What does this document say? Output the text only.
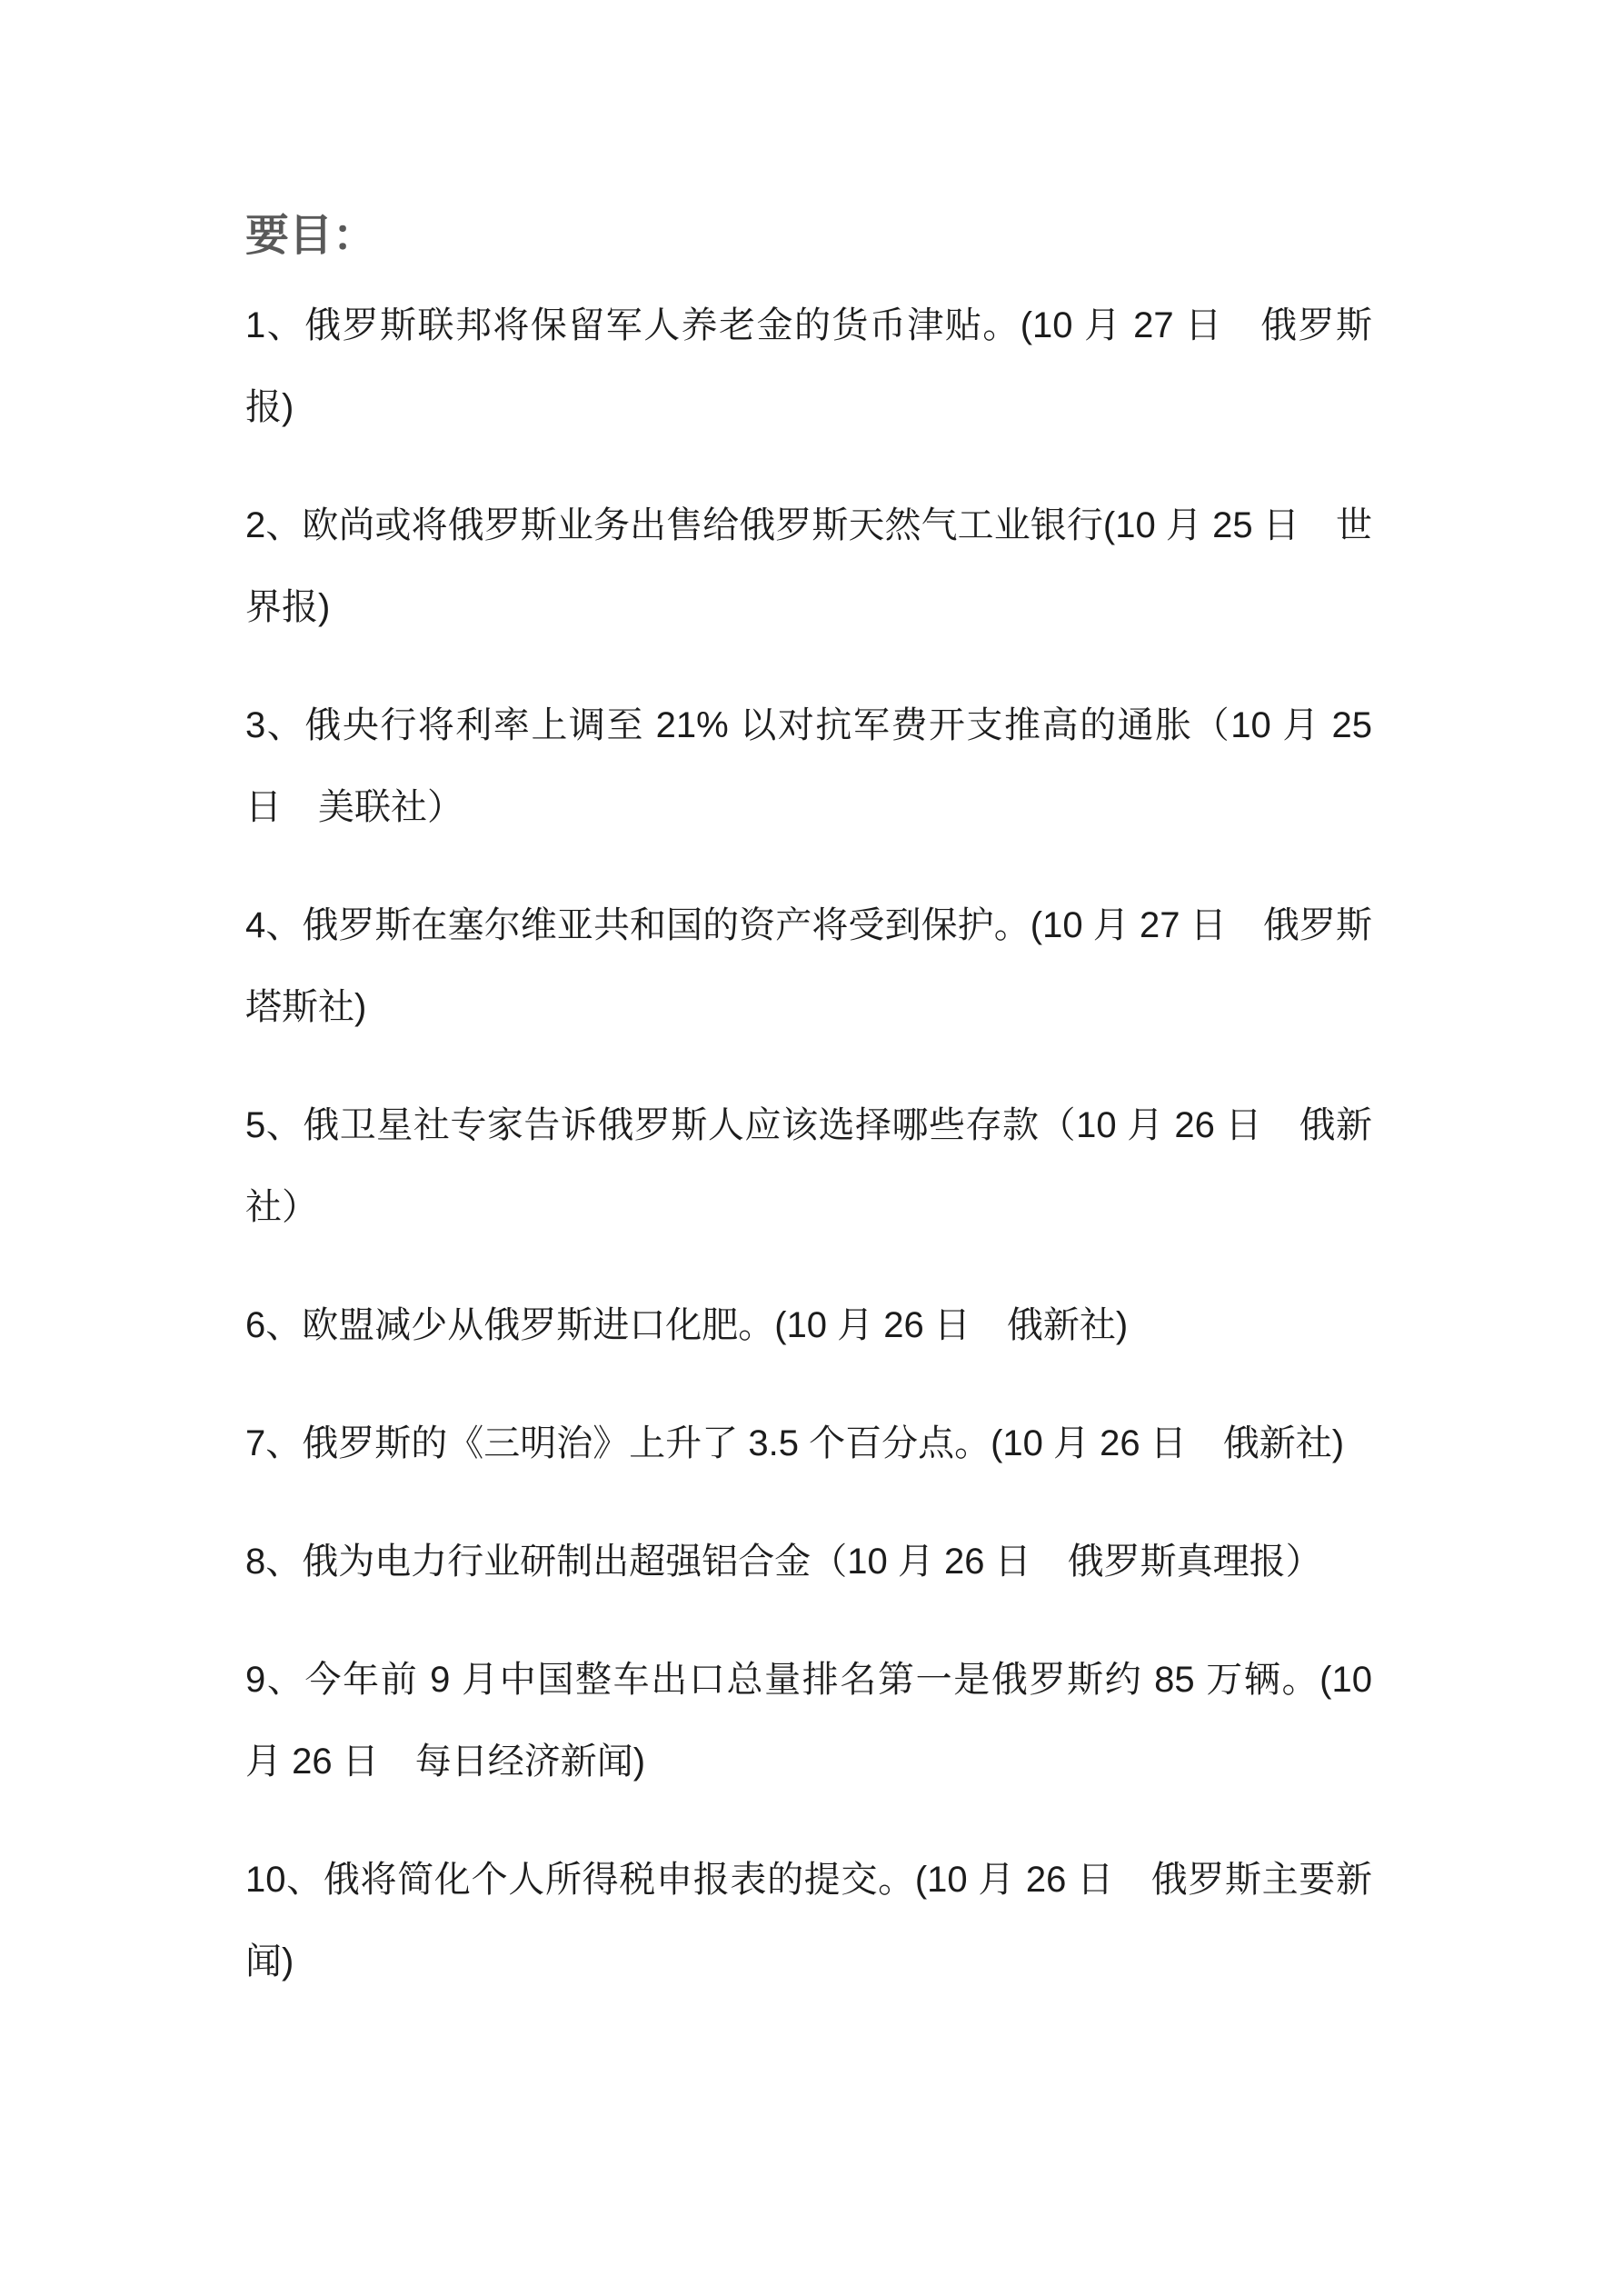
要目：

1、俄罗斯联邦将保留军人养老金的货币津贴。(10 月 27 日　俄罗斯报)

2、欧尚或将俄罗斯业务出售给俄罗斯天然气工业银行(10 月 25 日　世界报)

3、俄央行将利率上调至 21% 以对抗军费开支推高的通胀（10 月 25 日　美联社）

4、俄罗斯在塞尔维亚共和国的资产将受到保护。(10 月 27 日　俄罗斯塔斯社)

5、俄卫星社专家告诉俄罗斯人应该选择哪些存款（10 月 26 日　俄新社）

6、欧盟减少从俄罗斯进口化肥。(10 月 26 日　俄新社)

7、俄罗斯的《三明治》上升了 3.5 个百分点。(10 月 26 日　俄新社)

8、俄为电力行业研制出超强铝合金（10 月 26 日　俄罗斯真理报）

9、今年前 9 月中国整车出口总量排名第一是俄罗斯约 85 万辆。(10 月 26 日　每日经济新闻)

10、俄将简化个人所得税申报表的提交。(10 月 26 日　俄罗斯主要新闻)
